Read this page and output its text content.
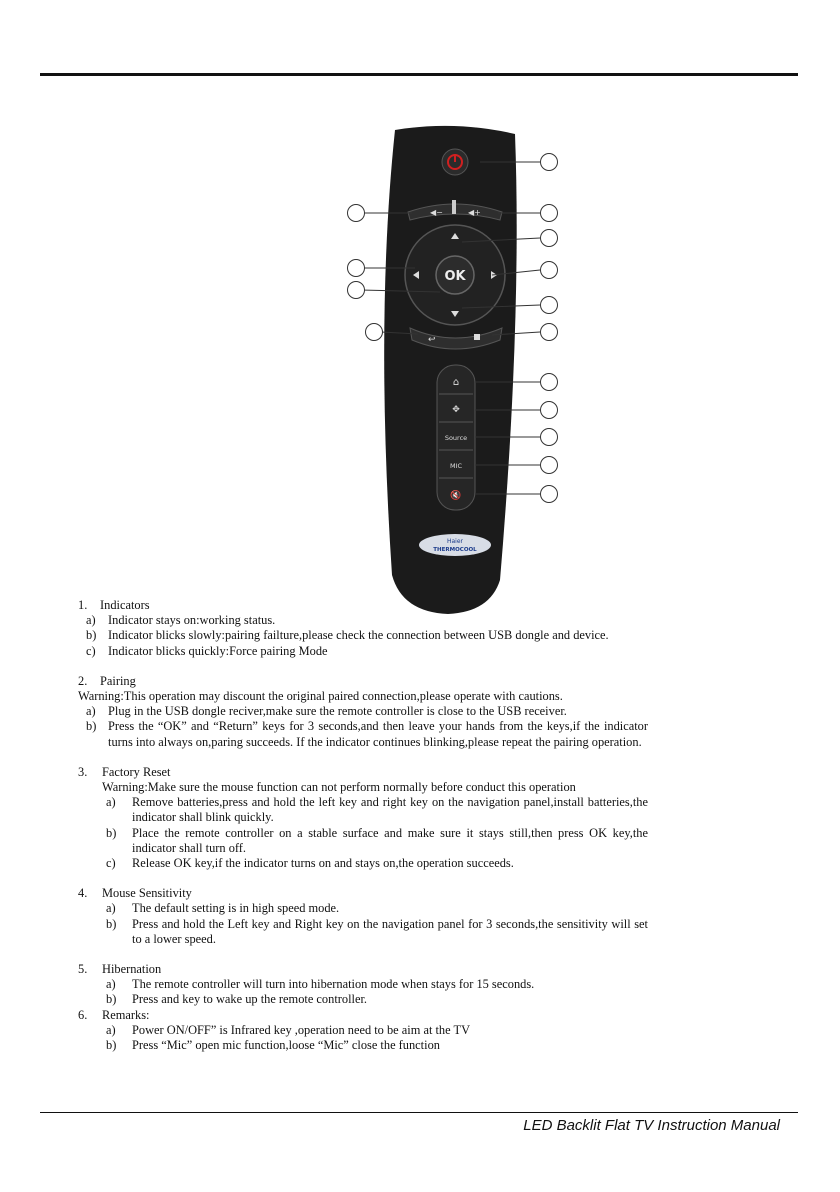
◀−	◀+
OK
↩
⌂
✥
Source
MIC
🔇
Haier
THERMOCOOL
1.	Indicators
a) Indicator stays on:working status.
b) Indicator blicks slowly:pairing failture,please check the connection between USB dongle and device.
c) Indicator blicks quickly:Force pairing Mode
2.	Pairing
Warning:This operation may discount the original paired connection,please operate with cautions.
a) Plug in the USB dongle reciver,make sure the remote controller is close to the USB receiver.
b) Press the “OK” and “Return” keys for 3 seconds,and then leave your hands from the keys,if the indicator turns into always on,paring succeeds. If the indicator continues blinking,please repeat the pairing operation.
3.	Factory Reset
Warning:Make sure the mouse function can not perform normally before conduct this operation
a)	Remove batteries,press and hold the left key and right key on the navigation panel,install batteries,the indicator shall blink quickly.
b)	Place the remote controller on a stable surface and make sure it stays still,then press OK key,the indicator shall turn off.
c)	Release OK key,if the indicator turns on and stays on,the operation succeeds.
4.	Mouse Sensitivity
a)	The default setting is in high speed mode.
b)	Press and hold the Left key and Right key on the navigation panel for 3 seconds,the sensitivity will set to a lower speed.
5.	Hibernation
a)	The remote controller will turn into hibernation mode when stays for 15 seconds.
b)	Press and key to wake up the remote controller.
6.	Remarks:
a)	Power ON/OFF” is Infrared key ,operation need to be aim at the TV
b)	Press “Mic” open mic function,loose “Mic” close the function
LED Backlit Flat TV Instruction Manual
